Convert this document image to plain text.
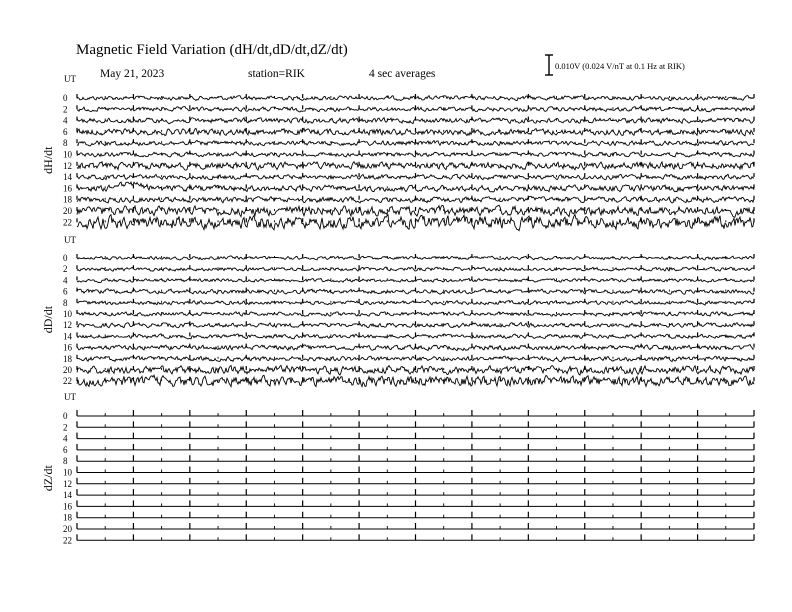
Magnetic Field Variation (dH/dt,dD/dt,dZ/dt)
May 21, 2023	station=RIK	4 sec averages
0.010V (0.024 V/nT at 0.1 Hz at RIK)
UT
dH/dt
0
2
4
6
8
10
12
14
16
18
20
22
UT
dD/dt
0
2
4
6
8
10
12
14
16
18
20
22
UT
dZ/dt
0
2
4
6
8
10
12
14
16
18
20
22
